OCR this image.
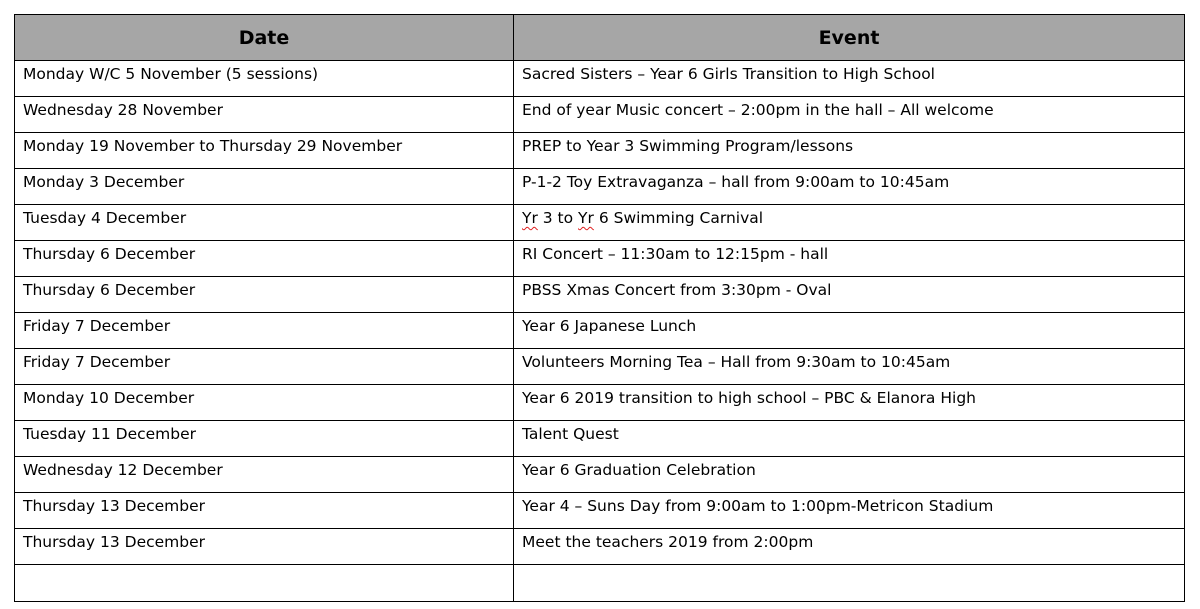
Date	Event
Monday W/C 5 November (5 sessions)	Sacred Sisters – Year 6 Girls Transition to High School
Wednesday 28 November	End of year Music concert – 2:00pm in the hall – All welcome
Monday 19 November to Thursday 29 November	PREP to Year 3 Swimming Program/lessons
Monday 3 December	P-1-2 Toy Extravaganza – hall from 9:00am to 10:45am
Tuesday 4 December	Yr 3 to Yr 6 Swimming Carnival
Thursday 6 December	RI Concert – 11:30am to 12:15pm - hall
Thursday 6 December	PBSS Xmas Concert from 3:30pm - Oval
Friday 7 December	Year 6 Japanese Lunch
Friday 7 December	Volunteers Morning Tea – Hall from 9:30am to 10:45am
Monday 10 December	Year 6 2019 transition to high school – PBC & Elanora High
Tuesday 11 December	Talent Quest
Wednesday 12 December	Year 6 Graduation Celebration
Thursday 13 December	Year 4 – Suns Day from 9:00am to 1:00pm-Metricon Stadium
Thursday 13 December	Meet the teachers 2019 from 2:00pm
